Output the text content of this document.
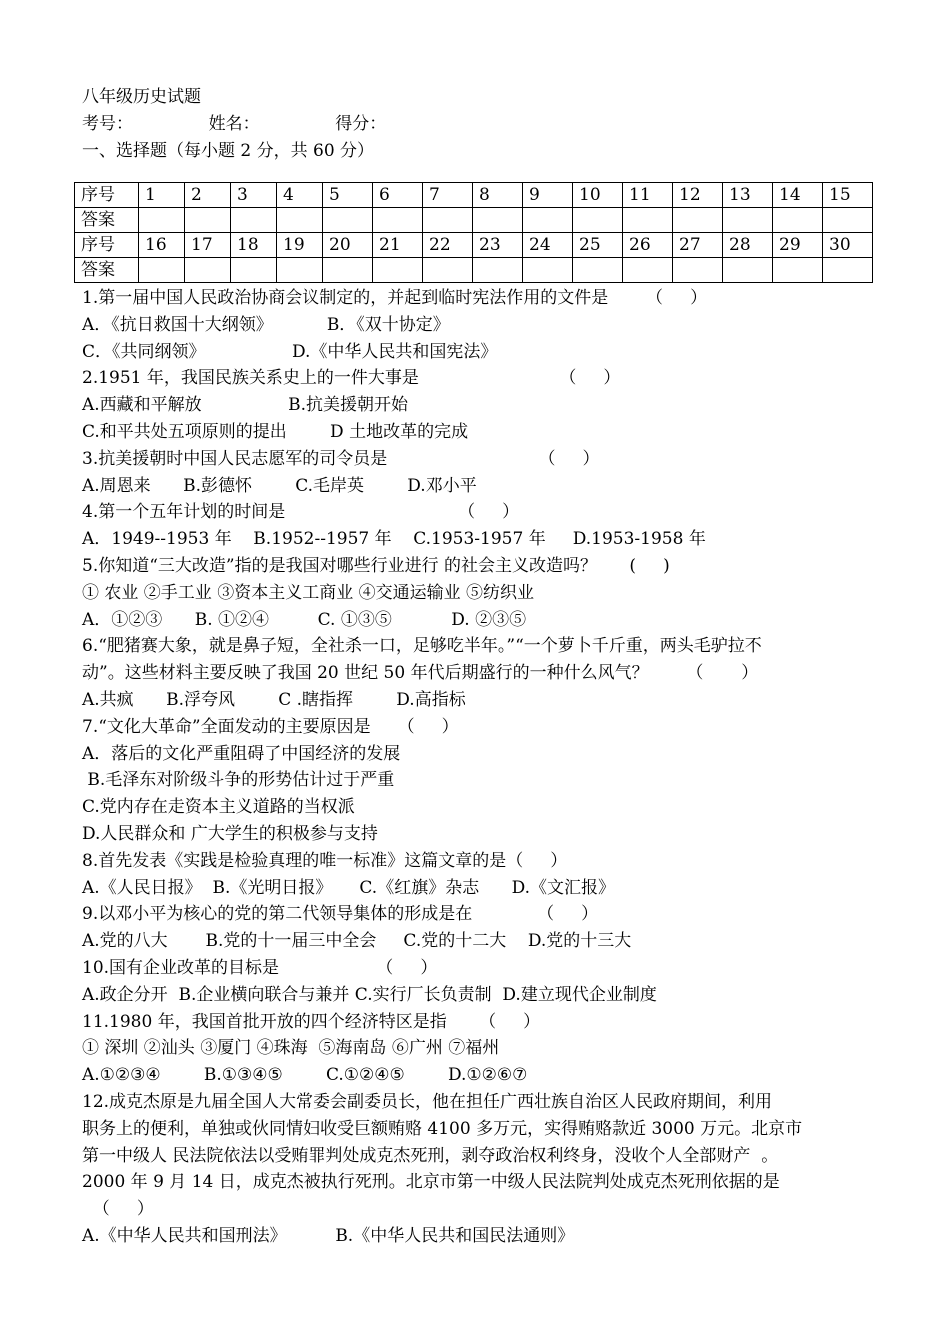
八年级历史试题
考号：              姓名：              得分：
一、选择题（每小题 2 分，共 60 分）
序号	1	2	3	4	5	6	7	8	9	10	11	12	13	14	15
答案															
序号	16	17	18	19	20	21	22	23	24	25	26	27	28	29	30
答案															
1.第一届中国人民政治协商会议制定的，并起到临时宪法作用的文件是       （     ）
A．《抗日救国十大纲领》          B．《双十协定》
C．《共同纲领》                D.《中华人民共和国宪法》
2.1951 年，我国民族关系史上的一件大事是                          （     ）
A.西藏和平解放                B.抗美援朝开始
C.和平共处五项原则的提出        D 土地改革的完成
3.抗美援朝时中国人民志愿军的司令员是                            （     ）
A.周恩来      B.彭德怀        C.毛岸英        D.邓小平
4.第一个五年计划的时间是                                （     ）
A．1949--1953 年    B.1952--1957 年    C.1953-1957 年     D.1953-1958 年
5.你知道“三大改造”指的是我国对哪些行业进行 的社会主义改造吗？      (     )
① 农业 ②手工业 ③资本主义工商业 ④交通运输业 ⑤纺织业
A．①②③      B. ①②④         C. ①③⑤           D. ②③⑤
6.“肥猪赛大象，就是鼻子短，全社杀一口，足够吃半年。”“一个萝卜千斤重，两头毛驴拉不
动”。这些材料主要反映了我国 20 世纪 50 年代后期盛行的一种什么风气？       （       ）
A.共疯      B.浮夸风        C .瞎指挥        D.高指标
7.“文化大革命”全面发动的主要原因是     （     ）
A．落后的文化严重阻碍了中国经济的发展
B.毛泽东对阶级斗争的形势估计过于严重
C.党内存在走资本主义道路的当权派
D.人民群众和 广大学生的积极参与支持
8.首先发表《实践是检验真理的唯一标准》这篇文章的是（     ）
A.《人民日报》  B.《光明日报》     C.《红旗》杂志      D.《文汇报》
9.以邓小平为核心的党的第二代领导集体的形成是在            （     ）
A.党的八大       B.党的十一届三中全会     C.党的十二大    D.党的十三大
10.国有企业改革的目标是                  （     ）
A.政企分开  B.企业横向联合与兼并 C.实行厂长负责制  D.建立现代企业制度
11.1980 年，我国首批开放的四个经济特区是指      （     ）
① 深圳 ②汕头 ③厦门 ④珠海  ⑤海南岛 ⑥广州 ⑦福州
A.①②③④        B.①③④⑤        C.①②④⑤        D.①②⑥⑦
12.成克杰原是九届全国人大常委会副委员长，他在担任广西壮族自治区人民政府期间，利用
职务上的便利，单独或伙同情妇收受巨额贿赂 4100 多万元，实得贿赂款近 3000 万元。北京市
第一中级人 民法院依法以受贿罪判处成克杰死刑，剥夺政治权利终身，没收个人全部财产  。
2000 年 9 月 14 日，成克杰被执行死刑。北京市第一中级人民法院判处成克杰死刑依据的是
（     ）
A.《中华人民共和国刑法》         B.《中华人民共和国民法通则》
